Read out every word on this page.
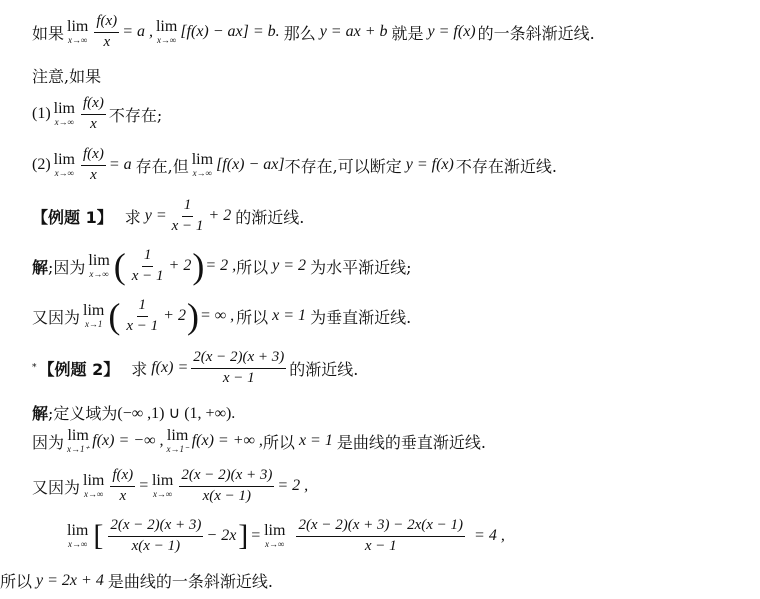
如果 lim
$x\to\infty \frac{f(x)}{x} = a$ , lim
x→∞ [f(x) − ax] = b. 那么 y = ax + b 就是 y = f(x) 的一条斜渐近线.
注意,如果
(1) lim
$x\to\infty \frac{f(x)}{x}$ 不存在;
(2) lim
$x\to\infty \frac{f(x)}{x} = a$ 存在,但 lim
x→∞ [f(x) − ax] 不存在,可以断定 y = f(x) 不存在渐近线.
【例题 1】 求 $y = \frac{1}{x - 1} + 2$ 的渐近线.
解 ;因为 lim
x→∞ ( $\frac{1}{x - 1} + 2$ ) = 2 , 所以 y = 2 为水平渐近线;
又因为 lim
x→1 ( $\frac{1}{x - 1} + 2$ ) = ∞ , 所以 x = 1 为垂直渐近线.
* 【例题 2】 求 $f(x) = \frac{2(x - 2)(x + 3)}{x - 1}$ 的渐近线.
解 ;定义域为 (−∞ ,1) ∪ (1, +∞).
因为 lim
x→1⁺ f(x) = −∞ , lim
x→1⁻ f(x) = +∞ , 所以 x = 1 是曲线的垂直渐近线.
又因为 lim
$x\to\infty \frac{f(x)}{x} = \lim$
$x\to\infty \frac{2(x - 2)(x + 3)}{x(x - 1)} = 2$ ,
lim
x→∞ [ $\frac{2(x - 2)(x + 3)}{x(x - 1)} - 2x$ ] = lim
$x\to\infty \frac{2(x - 2)(x + 3) - 2x(x - 1)}{x - 1} = 4$ ,
所以 y = 2x + 4 是曲线的一条斜渐近线.
